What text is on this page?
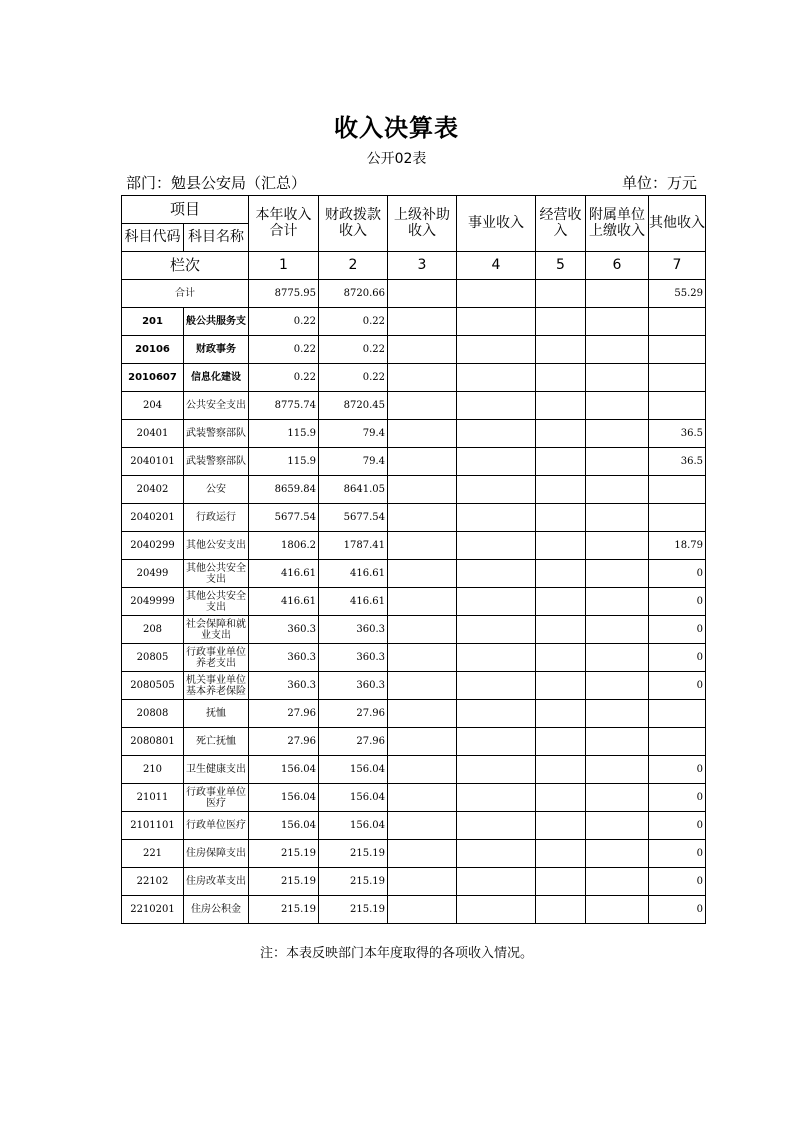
收入决算表
公开02表
部门：勉县公安局（汇总）	单位：万元
项目		本年收入合计	财政拨款收入	上级补助收入	事业收入	经营收入	附属单位上缴收入	其他收入
科目代码	科目名称							
栏次		1	2	3	4	5	6	7
合计		8775.95	8720.66					55.29
201	般公共服务支	0.22	0.22					
20106	财政事务	0.22	0.22					
2010607	信息化建设	0.22	0.22					
204	公共安全支出	8775.74	8720.45					
20401	武装警察部队	115.9	79.4					36.5
2040101	武装警察部队	115.9	79.4					36.5
20402	公安	8659.84	8641.05					
2040201	行政运行	5677.54	5677.54					
2040299	其他公安支出	1806.2	1787.41					18.79
20499	其他公共安全支出	416.61	416.61					0
2049999	其他公共安全支出	416.61	416.61					0
208	社会保障和就业支出	360.3	360.3					0
20805	行政事业单位养老支出	360.3	360.3					0
2080505	机关事业单位基本养老保险	360.3	360.3					0
20808	抚恤	27.96	27.96					
2080801	死亡抚恤	27.96	27.96					
210	卫生健康支出	156.04	156.04					0
21011	行政事业单位医疗	156.04	156.04					0
2101101	行政单位医疗	156.04	156.04					0
221	住房保障支出	215.19	215.19					0
22102	住房改革支出	215.19	215.19					0
2210201	住房公积金	215.19	215.19					0
注：本表反映部门本年度取得的各项收入情况。
